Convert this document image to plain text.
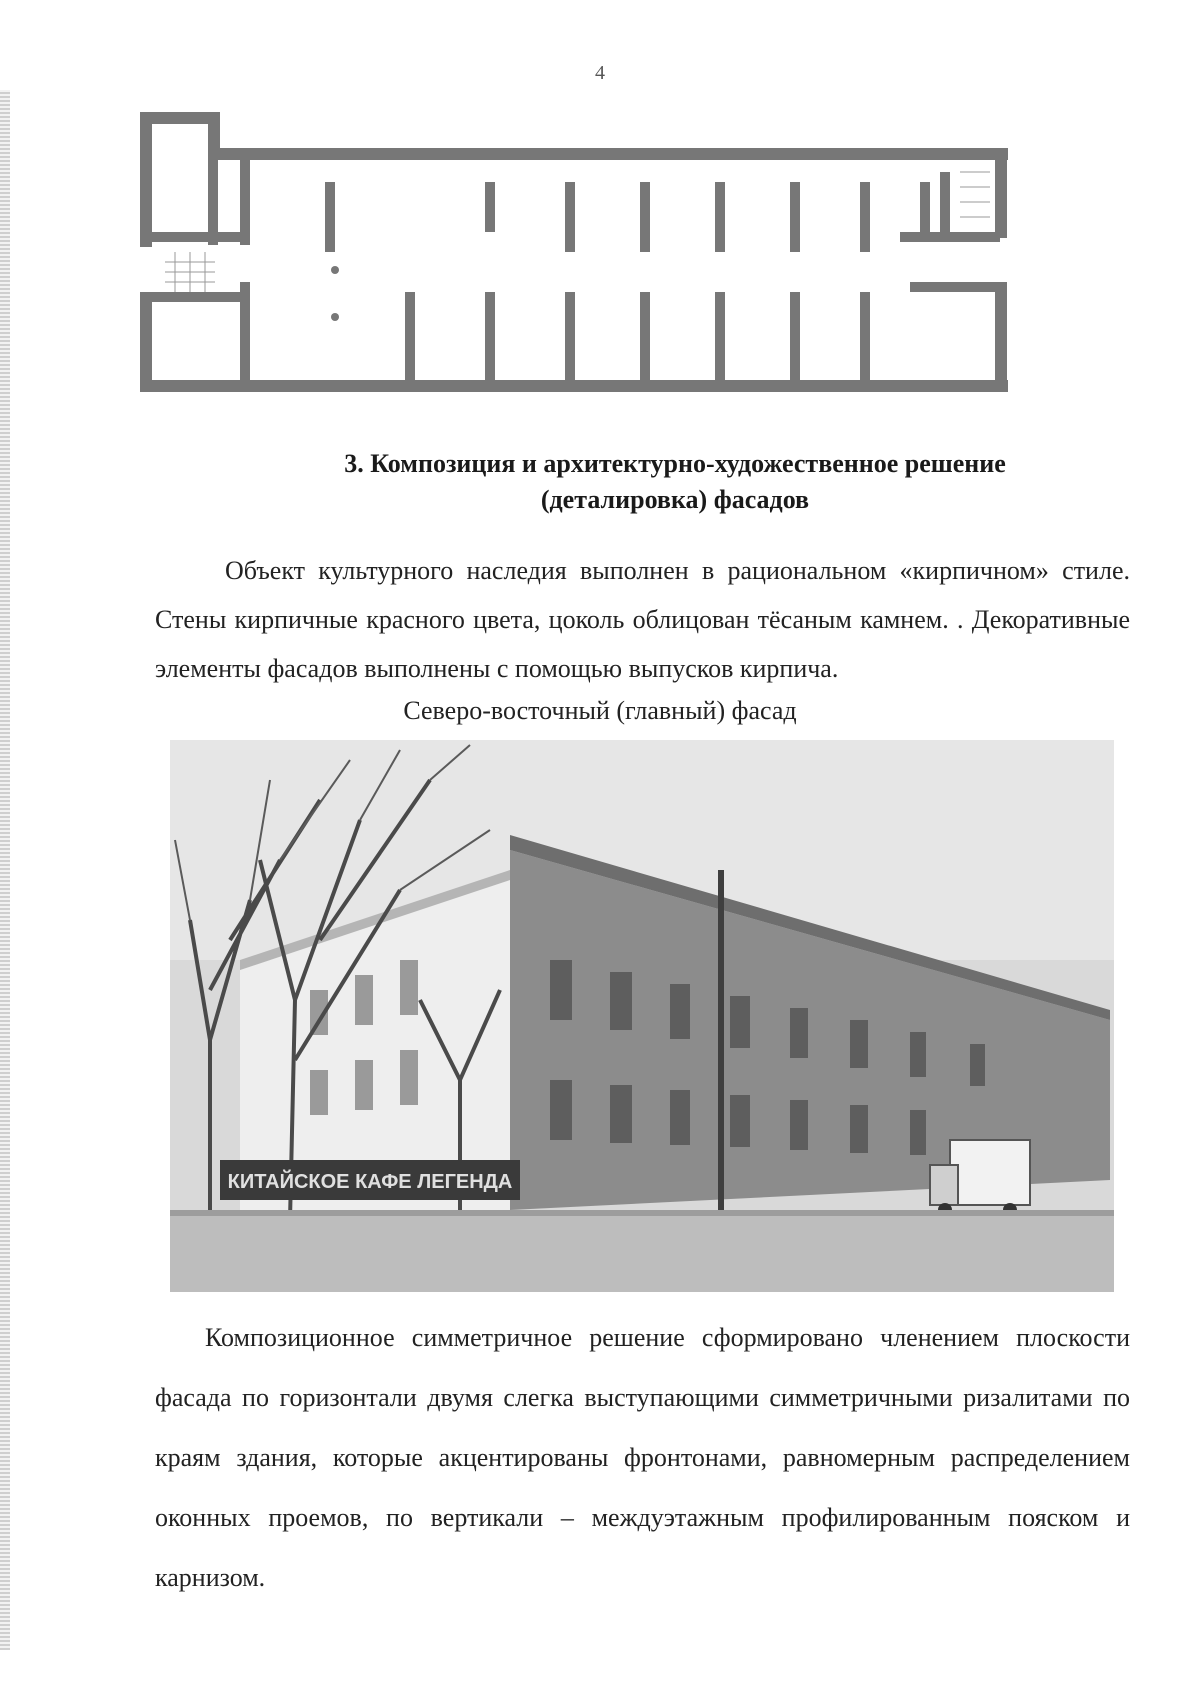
4
3. Композиция и архитектурно-художественное решение
(деталировка) фасадов
Объект культурного наследия выполнен в рациональном «кирпичном» стиле. Стены кирпичные красного цвета, цоколь облицован тёсаным камнем. . Декоративные элементы фасадов выполнены с помощью выпусков кирпича.
Северо-восточный (главный) фасад
КИТАЙСКОЕ КАФЕ ЛЕГЕНДА
Композиционное симметричное решение сформировано членением плоскости фасада по горизонтали двумя слегка выступающими симметричными ризалитами по краям здания, которые акцентированы фронтонами, равномерным распределением оконных проемов, по вертикали – междуэтажным профилированным пояском и карнизом.
